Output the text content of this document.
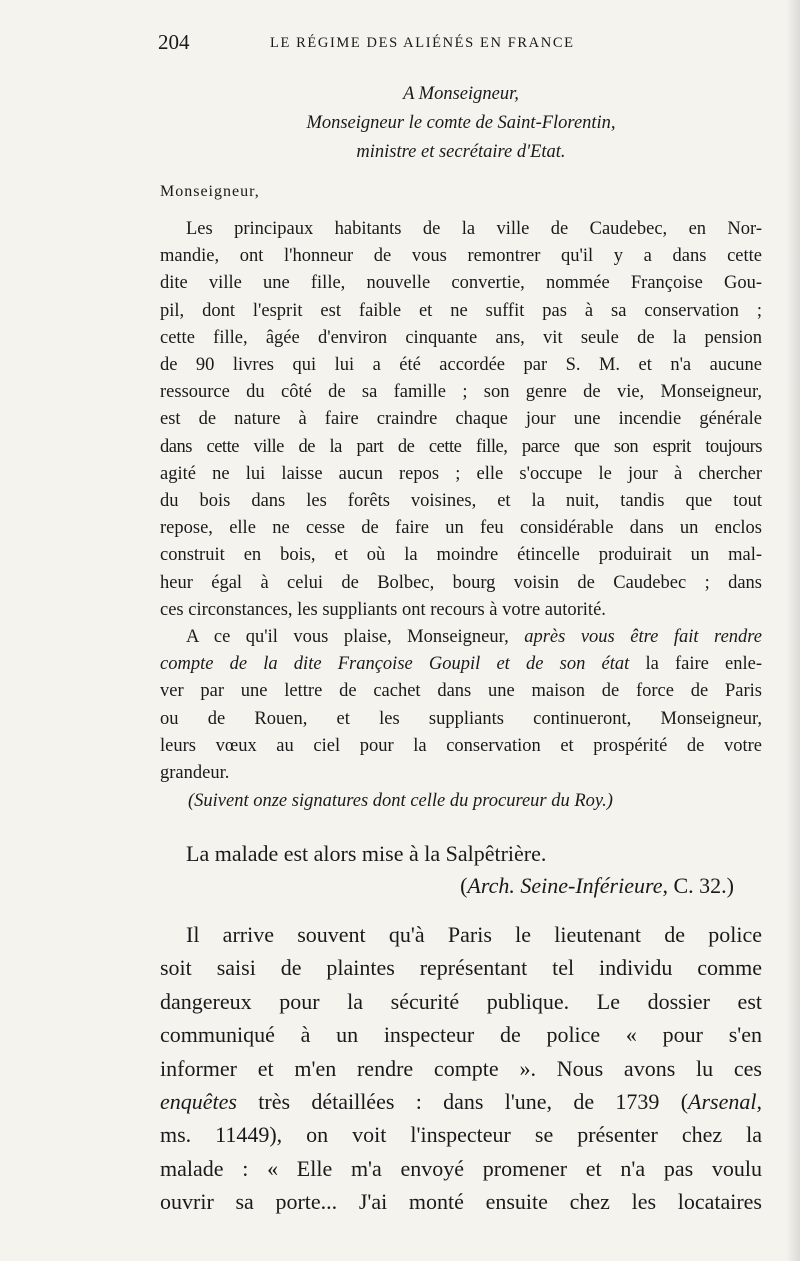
204	LE RÉGIME DES ALIÉNÉS EN FRANCE
A Monseigneur,
Monseigneur le comte de Saint-Florentin,
ministre et secrétaire d'Etat.
Monseigneur,
Les principaux habitants de la ville de Caudebec, en Nor-
mandie, ont l'honneur de vous remontrer qu'il y a dans cette
dite ville une fille, nouvelle convertie, nommée Françoise Gou-
pil, dont l'esprit est faible et ne suffit pas à sa conservation ;
cette fille, âgée d'environ cinquante ans, vit seule de la pension
de 90 livres qui lui a été accordée par S. M. et n'a aucune
ressource du côté de sa famille ; son genre de vie, Monseigneur,
est de nature à faire craindre chaque jour une incendie générale
dans cette ville de la part de cette fille, parce que son esprit toujours
agité ne lui laisse aucun repos ; elle s'occupe le jour à chercher
du bois dans les forêts voisines, et la nuit, tandis que tout
repose, elle ne cesse de faire un feu considérable dans un enclos
construit en bois, et où la moindre étincelle produirait un mal-
heur égal à celui de Bolbec, bourg voisin de Caudebec ; dans
ces circonstances, les suppliants ont recours à votre autorité.
A ce qu'il vous plaise, Monseigneur, après vous être fait rendre
compte de la dite Françoise Goupil et de son état la faire enle-
ver par une lettre de cachet dans une maison de force de Paris
ou de Rouen, et les suppliants continueront, Monseigneur,
leurs vœux au ciel pour la conservation et prospérité de votre
grandeur.
(Suivent onze signatures dont celle du procureur du Roy.)
La malade est alors mise à la Salpêtrière.
(Arch. Seine-Inférieure, C. 32.)
Il arrive souvent qu'à Paris le lieutenant de police
soit saisi de plaintes représentant tel individu comme
dangereux pour la sécurité publique. Le dossier est
communiqué à un inspecteur de police « pour s'en
informer et m'en rendre compte ». Nous avons lu ces
enquêtes très détaillées : dans l'une, de 1739 (Arsenal,
ms. 11449), on voit l'inspecteur se présenter chez la
malade : « Elle m'a envoyé promener et n'a pas voulu
ouvrir sa porte... J'ai monté ensuite chez les locataires
